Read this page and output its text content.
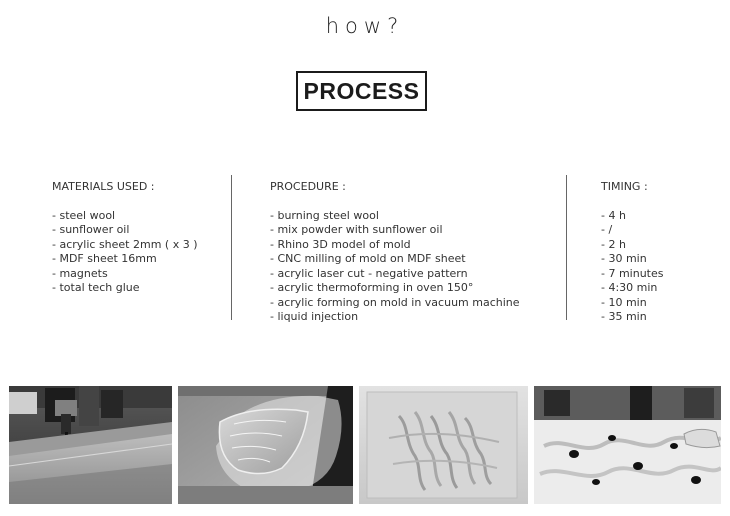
how?
PROCESS
MATERIALS USED :
- steel wool
- sunflower oil
- acrylic sheet 2mm ( x 3 )
- MDF sheet 16mm
- magnets
- total tech glue
PROCEDURE :
- burning steel wool
- mix powder with sunflower oil
- Rhino 3D model of mold
- CNC milling of mold on MDF sheet
- acrylic laser cut - negative pattern
- acrylic thermoforming in oven 150°
- acrylic forming on mold in vacuum machine
- liquid injection
TIMING :
- 4 h
- /
- 2 h
- 30 min
- 7 minutes
- 4:30 min
- 10 min
- 35 min
